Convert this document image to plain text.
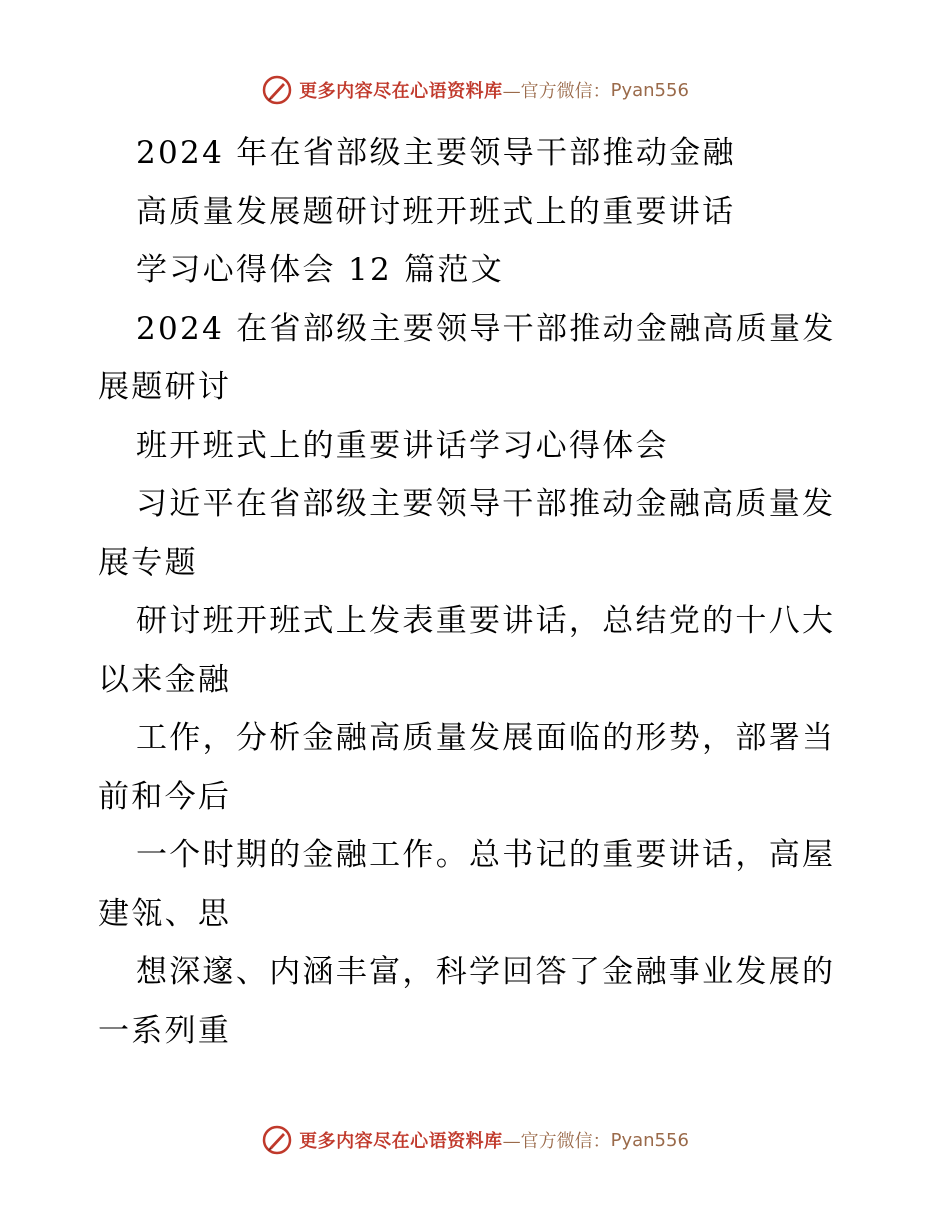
更多内容尽在心语资料库 —官方微信： Pyan556
2024 年在省部级主要领导干部推动金融
高质量发展题研讨班开班式上的重要讲话
学习心得体会 12 篇范文
2024 在省部级主要领导干部推动金融高质量发
展题研讨
班开班式上的重要讲话学习心得体会
习近平在省部级主要领导干部推动金融高质量发
展专题
研讨班开班式上发表重要讲话，总结党的十八大
以来金融
工作，分析金融高质量发展面临的形势，部署当
前和今后
一个时期的金融工作。总书记的重要讲话，高屋
建瓴、思
想深邃、内涵丰富，科学回答了金融事业发展的
一系列重
更多内容尽在心语资料库 —官方微信： Pyan556
